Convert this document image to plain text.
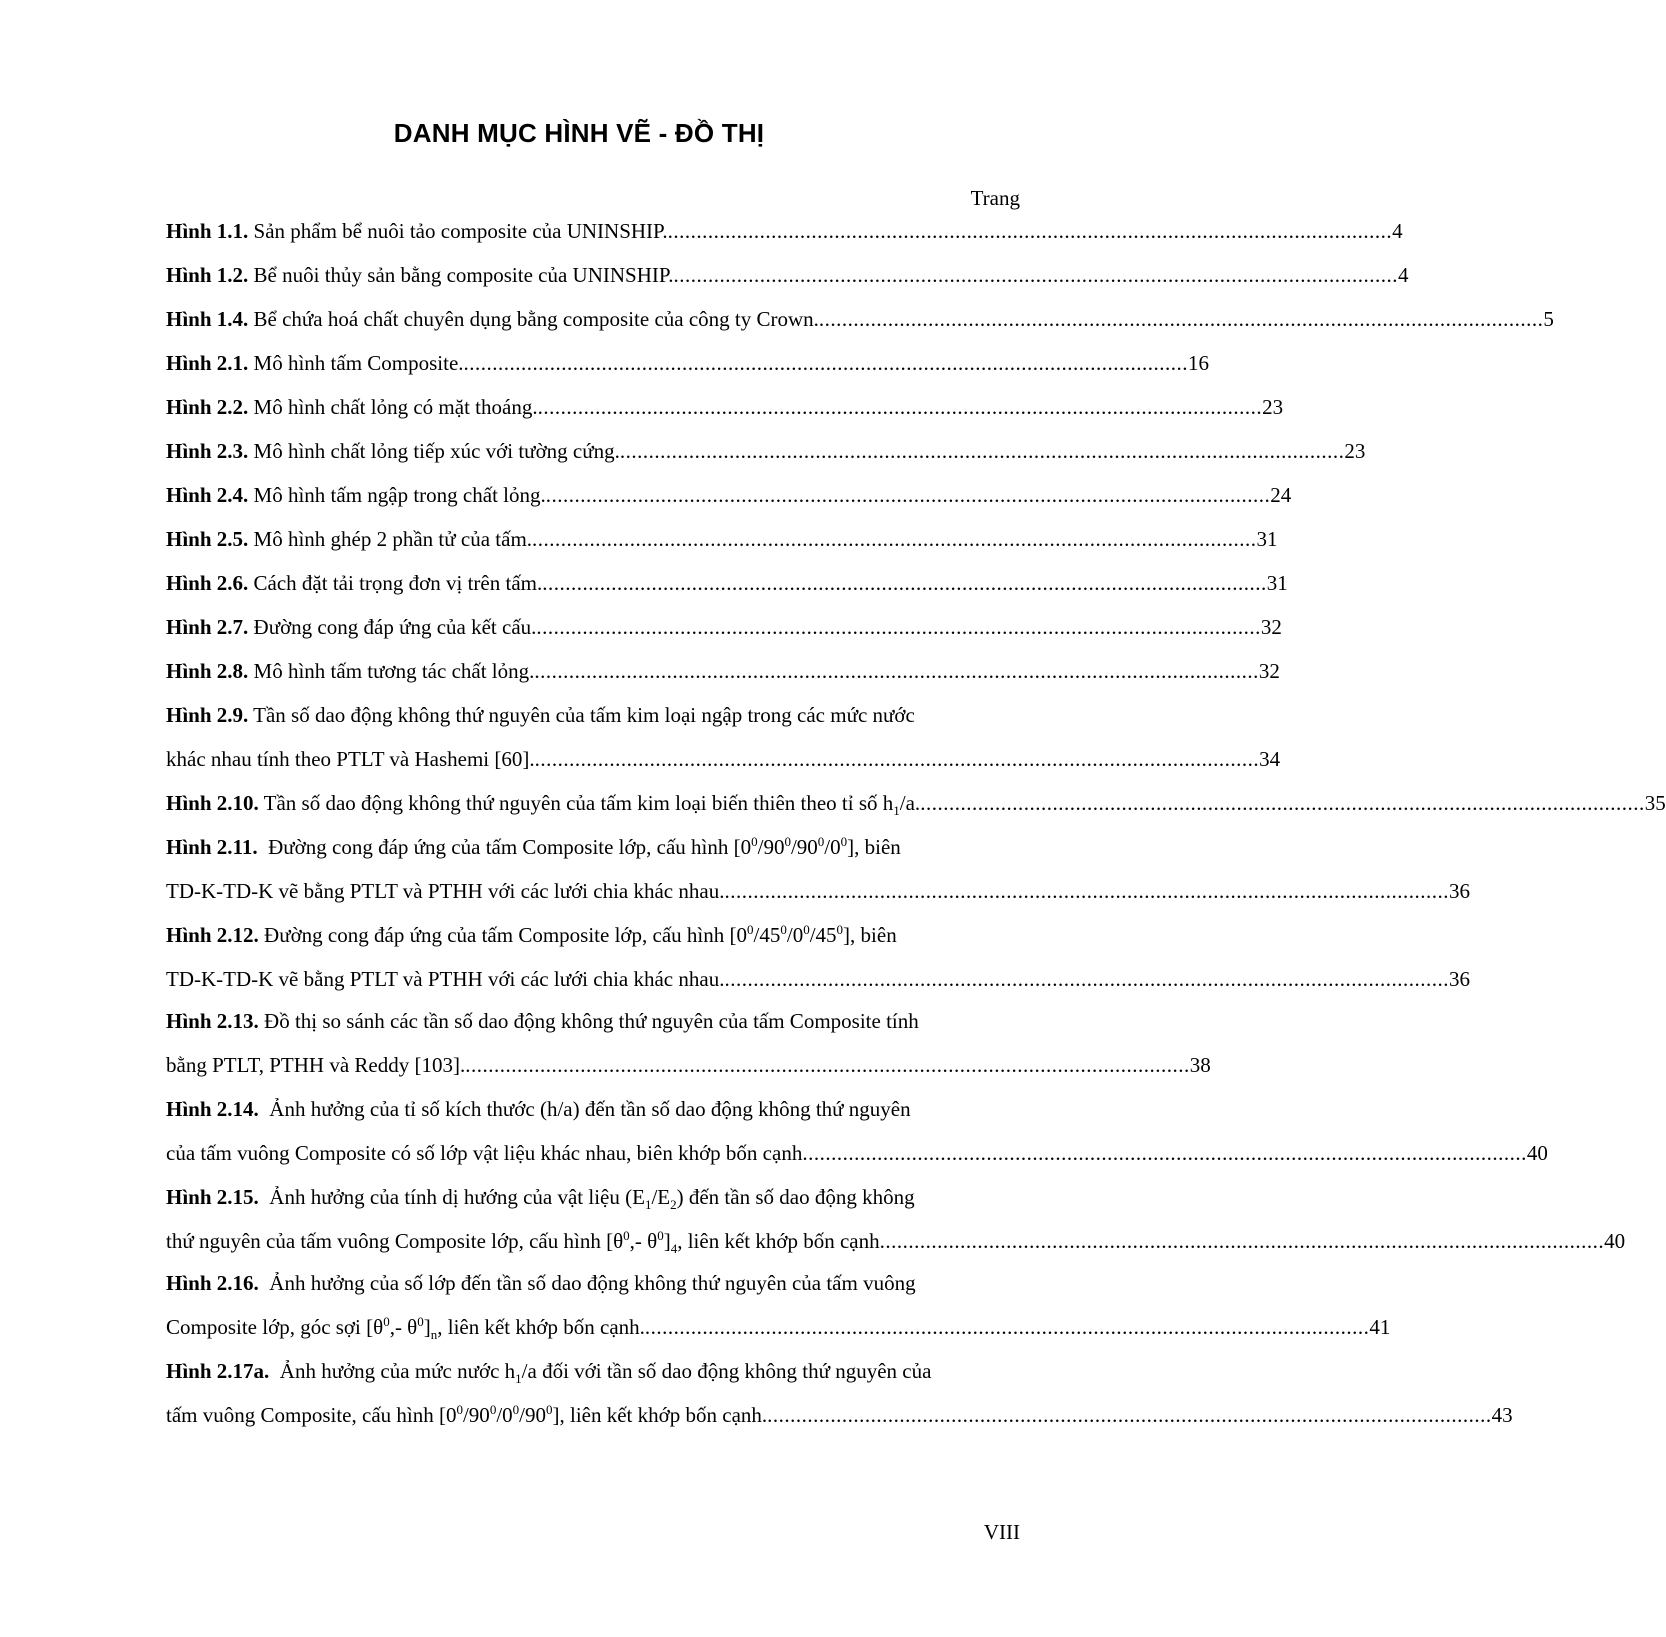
DANH MỤC HÌNH VẼ - ĐỒ THỊ
Trang
Hình 1.1. Sản phẩm bể nuôi tảo composite của UNINSHIP. .............................................................................................................................. 4
Hình 1.2. Bể nuôi thủy sản bằng composite của UNINSHIP. .............................................................................................................................. 4
Hình 1.4. Bể chứa hoá chất chuyên dụng bằng composite của công ty Crown. .............................................................................................................................. 5
Hình 2.1. Mô hình tấm Composite. .............................................................................................................................. 16
Hình 2.2. Mô hình chất lỏng có mặt thoáng. .............................................................................................................................. 23
Hình 2.3. Mô hình chất lỏng tiếp xúc với tường cứng. .............................................................................................................................. 23
Hình 2.4. Mô hình tấm ngập trong chất lỏng. .............................................................................................................................. 24
Hình 2.5. Mô hình ghép 2 phần tử của tấm. .............................................................................................................................. 31
Hình 2.6. Cách đặt tải trọng đơn vị trên tấm. .............................................................................................................................. 31
Hình 2.7. Đường cong đáp ứng của kết cấu. .............................................................................................................................. 32
Hình 2.8. Mô hình tấm tương tác chất lỏng. .............................................................................................................................. 32
Hình 2.9. Tần số dao động không thứ nguyên của tấm kim loại ngập trong các mức nước
khác nhau tính theo PTLT và Hashemi [60]. .............................................................................................................................. 34
Hình 2.10. Tần số dao động không thứ nguyên của tấm kim loại biến thiên theo tỉ số $h_1/a$. .............................................................................................................................. 35
Hình 2.11. Đường cong đáp ứng của tấm Composite lớp, cấu hình $[0^0/90^0/90^0/0^0]$, biên
TD-K-TD-K vẽ bằng PTLT và PTHH với các lưới chia khác nhau. .............................................................................................................................. 36
Hình 2.12. Đường cong đáp ứng của tấm Composite lớp, cấu hình $[0^0/45^0/0^0/45^0]$, biên
TD-K-TD-K vẽ bằng PTLT và PTHH với các lưới chia khác nhau. .............................................................................................................................. 36
Hình 2.13. Đồ thị so sánh các tần số dao động không thứ nguyên của tấm Composite tính
bằng PTLT, PTHH và Reddy [103]. .............................................................................................................................. 38
Hình 2.14. Ảnh hưởng của tỉ số kích thước (h/a) đến tần số dao động không thứ nguyên
của tấm vuông Composite có số lớp vật liệu khác nhau, biên khớp bốn cạnh .............................................................................................................................. 40
Hình 2.15. Ảnh hưởng của tính dị hướng của vật liệu $(E_1/E_2)$ đến tần số dao động không
thứ nguyên của tấm vuông Composite lớp, cấu hình [$\theta^0,-$ $\theta^0]_4$, liên kết khớp bốn cạnh .............................................................................................................................. 40
Hình 2.16. Ảnh hưởng của số lớp đến tần số dao động không thứ nguyên của tấm vuông
Composite lớp, góc sợi [$\theta^0,-$ $\theta^0]_n$, liên kết khớp bốn cạnh. .............................................................................................................................. 41
Hình 2.17a. Ảnh hưởng của mức nước $h_1/a$ đối với tần số dao động không thứ nguyên của
tấm vuông Composite, cấu hình $[0^0/90^0/0^0/90^0]$, liên kết khớp bốn cạnh. .............................................................................................................................. 43
VIII
